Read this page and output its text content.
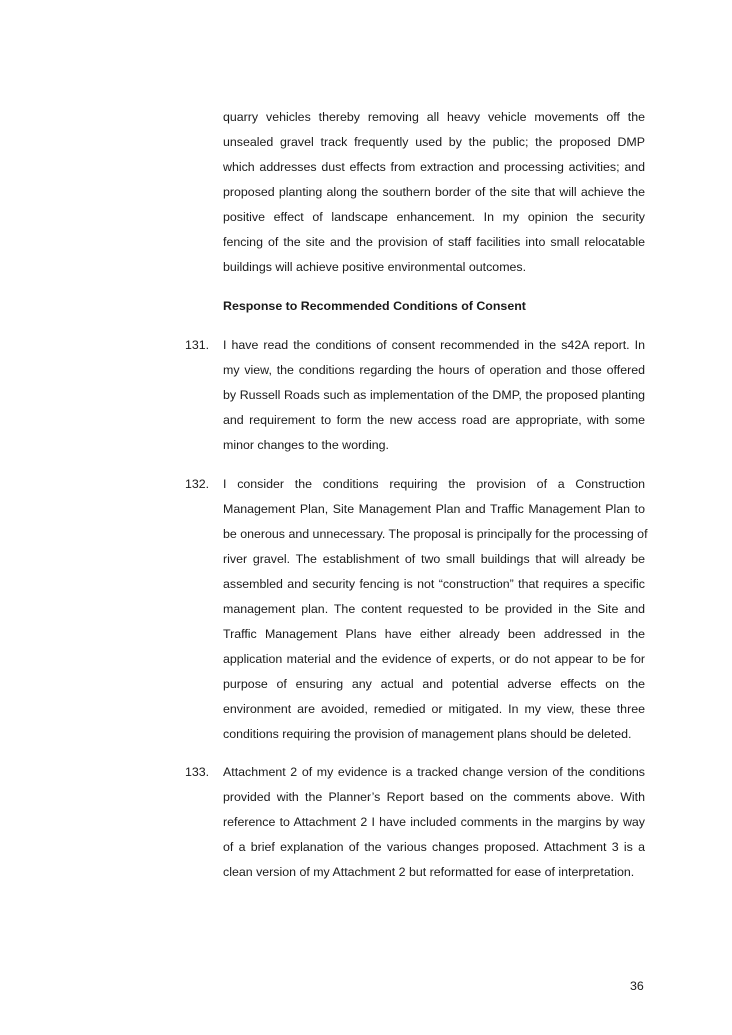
quarry vehicles thereby removing all heavy vehicle movements off the
unsealed gravel track frequently used by the public; the proposed DMP
which addresses dust effects from extraction and processing activities; and
proposed planting along the southern border of the site that will achieve the
positive effect of landscape enhancement. In my opinion the security
fencing of the site and the provision of staff facilities into small relocatable
buildings will achieve positive environmental outcomes.
Response to Recommended Conditions of Consent
131. I have read the conditions of consent recommended in the s42A report. In
my view, the conditions regarding the hours of operation and those offered
by Russell Roads such as implementation of the DMP, the proposed planting
and requirement to form the new access road are appropriate, with some
minor changes to the wording.
132. I consider the conditions requiring the provision of a Construction
Management Plan, Site Management Plan and Traffic Management Plan to
be onerous and unnecessary. The proposal is principally for the processing of
river gravel. The establishment of two small buildings that will already be
assembled and security fencing is not “construction” that requires a specific
management plan. The content requested to be provided in the Site and
Traffic Management Plans have either already been addressed in the
application material and the evidence of experts, or do not appear to be for
purpose of ensuring any actual and potential adverse effects on the
environment are avoided, remedied or mitigated. In my view, these three
conditions requiring the provision of management plans should be deleted.
133. Attachment 2 of my evidence is a tracked change version of the conditions
provided with the Planner’s Report based on the comments above. With
reference to Attachment 2 I have included comments in the margins by way
of a brief explanation of the various changes proposed. Attachment 3 is a
clean version of my Attachment 2 but reformatted for ease of interpretation.
36
